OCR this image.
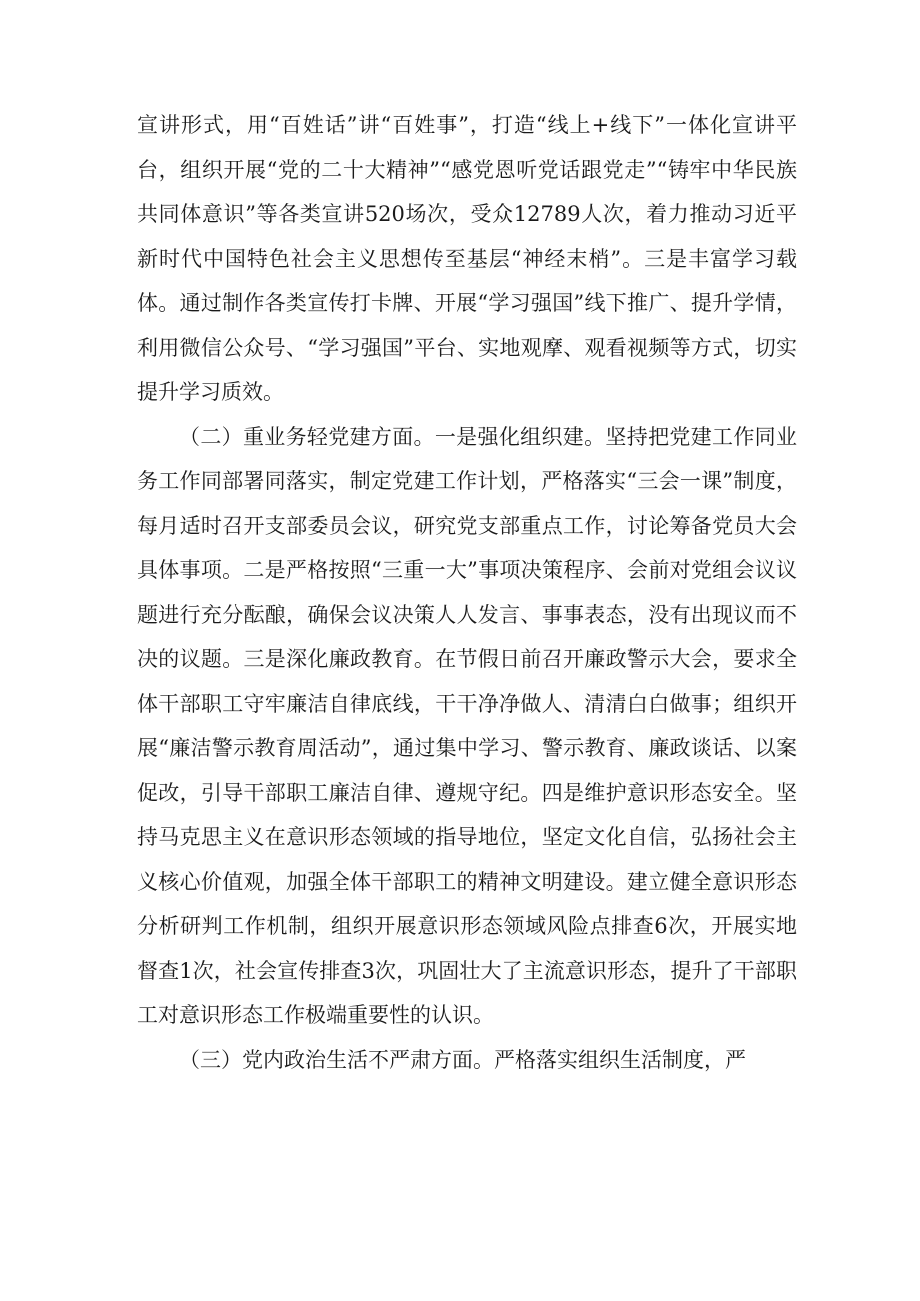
宣讲形式，用“百姓话”讲“百姓事”，打造“线上+线下”一体化宣讲平台，组织开展“党的二十大精神”“感党恩听党话跟党走”“铸牢中华民族共同体意识”等各类宣讲520场次，受众12789人次，着力推动习近平新时代中国特色社会主义思想传至基层“神经末梢”。三是丰富学习载体。通过制作各类宣传打卡牌、开展“学习强国”线下推广、提升学情，利用微信公众号、“学习强国”平台、实地观摩、观看视频等方式，切实提升学习质效。

（二）重业务轻党建方面。一是强化组织建。坚持把党建工作同业务工作同部署同落实，制定党建工作计划，严格落实“三会一课”制度，每月适时召开支部委员会议，研究党支部重点工作，讨论筹备党员大会具体事项。二是严格按照“三重一大”事项决策程序、会前对党组会议议题进行充分酝酿，确保会议决策人人发言、事事表态，没有出现议而不决的议题。三是深化廉政教育。在节假日前召开廉政警示大会，要求全体干部职工守牢廉洁自律底线，干干净净做人、清清白白做事；组织开展“廉洁警示教育周活动”，通过集中学习、警示教育、廉政谈话、以案促改，引导干部职工廉洁自律、遵规守纪。四是维护意识形态安全。坚持马克思主义在意识形态领域的指导地位，坚定文化自信，弘扬社会主义核心价值观，加强全体干部职工的精神文明建设。建立健全意识形态分析研判工作机制，组织开展意识形态领域风险点排查6次，开展实地督查1次，社会宣传排查3次，巩固壮大了主流意识形态，提升了干部职工对意识形态工作极端重要性的认识。

（三）党内政治生活不严肃方面。严格落实组织生活制度，严
